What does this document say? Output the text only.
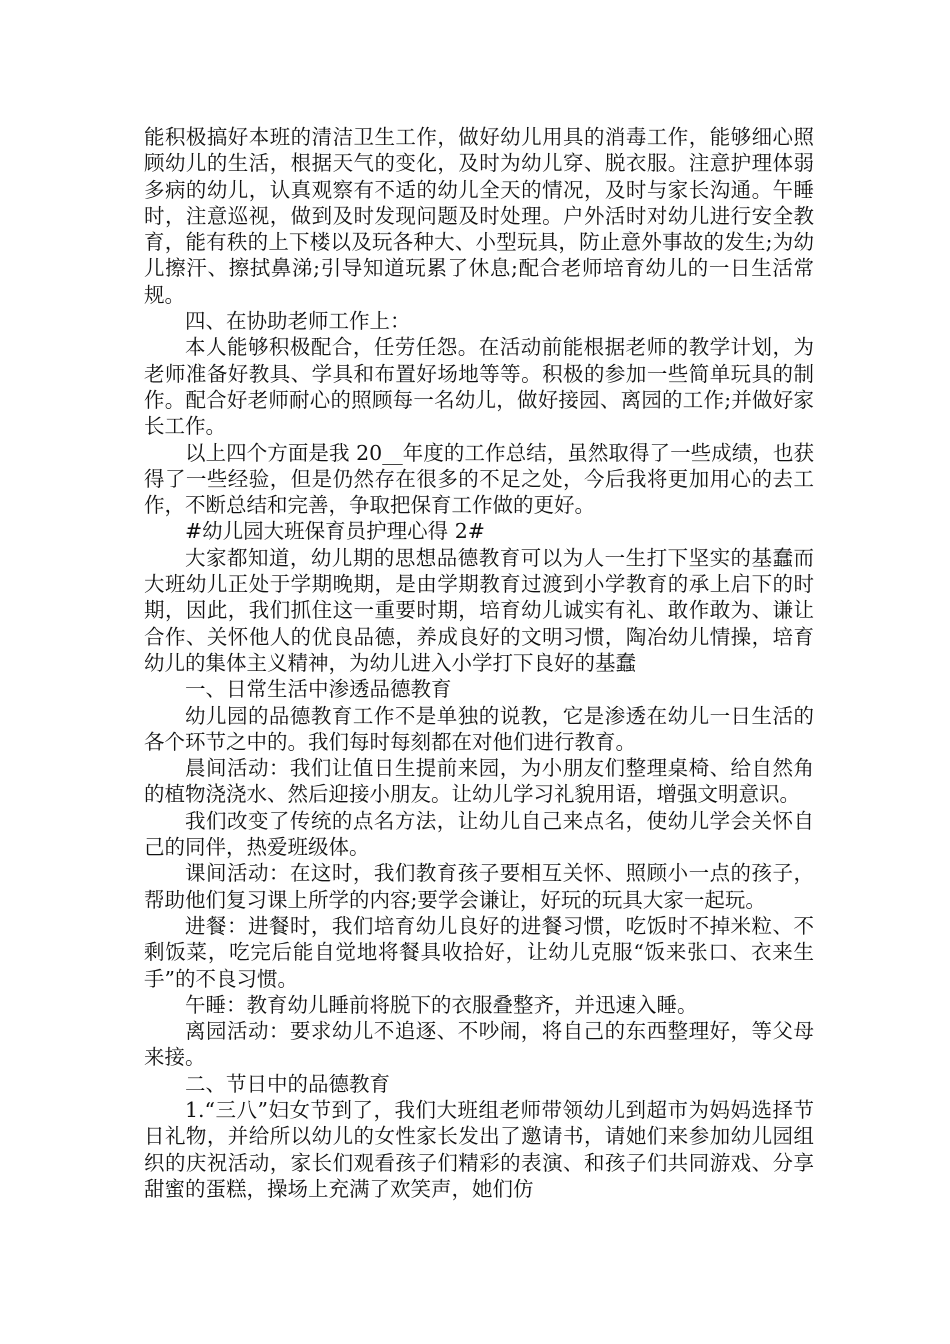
能积极搞好本班的清洁卫生工作，做好幼儿用具的消毒工作，能够细心照顾幼儿的生活，根据天气的变化，及时为幼儿穿、脱衣服。注意护理体弱多病的幼儿，认真观察有不适的幼儿全天的情况，及时与家长沟通。午睡时，注意巡视，做到及时发现问题及时处理。户外活时对幼儿进行安全教育，能有秩的上下楼以及玩各种大、小型玩具，防止意外事故的发生;为幼儿擦汗、擦拭鼻涕;引导知道玩累了休息;配合老师培育幼儿的一日生活常规。

四、在协助老师工作上：

本人能够积极配合，任劳任怨。在活动前能根据老师的教学计划，为老师准备好教具、学具和布置好场地等等。积极的参加一些简单玩具的制作。配合好老师耐心的照顾每一名幼儿，做好接园、离园的工作;并做好家长工作。

以上四个方面是我 20__年度的工作总结，虽然取得了一些成绩，也获得了一些经验，但是仍然存在很多的不足之处，今后我将更加用心的去工作，不断总结和完善，争取把保育工作做的更好。

#幼儿园大班保育员护理心得 2#

大家都知道，幼儿期的思想品德教育可以为人一生打下坚实的基蠢而大班幼儿正处于学期晚期，是由学期教育过渡到小学教育的承上启下的时期，因此，我们抓住这一重要时期，培育幼儿诚实有礼、敢作敢为、谦让合作、关怀他人的优良品德，养成良好的文明习惯，陶冶幼儿情操，培育幼儿的集体主义精神，为幼儿进入小学打下良好的基蠢

一、日常生活中渗透品德教育

幼儿园的品德教育工作不是单独的说教，它是渗透在幼儿一日生活的各个环节之中的。我们每时每刻都在对他们进行教育。

晨间活动：我们让值日生提前来园，为小朋友们整理桌椅、给自然角的植物浇浇水、然后迎接小朋友。让幼儿学习礼貌用语，增强文明意识。

我们改变了传统的点名方法，让幼儿自己来点名，使幼儿学会关怀自己的同伴，热爱班级体。

课间活动：在这时，我们教育孩子要相互关怀、照顾小一点的孩子，帮助他们复习课上所学的内容;要学会谦让，好玩的玩具大家一起玩。

进餐：进餐时，我们培育幼儿良好的进餐习惯，吃饭时不掉米粒、不剩饭菜，吃完后能自觉地将餐具收拾好，让幼儿克服“饭来张口、衣来生手”的不良习惯。

午睡：教育幼儿睡前将脱下的衣服叠整齐，并迅速入睡。

离园活动：要求幼儿不追逐、不吵闹，将自己的东西整理好，等父母来接。

二、节日中的品德教育

1.“三八”妇女节到了，我们大班组老师带领幼儿到超市为妈妈选择节日礼物，并给所以幼儿的女性家长发出了邀请书，请她们来参加幼儿园组织的庆祝活动，家长们观看孩子们精彩的表演、和孩子们共同游戏、分享甜蜜的蛋糕，操场上充满了欢笑声，她们仿
